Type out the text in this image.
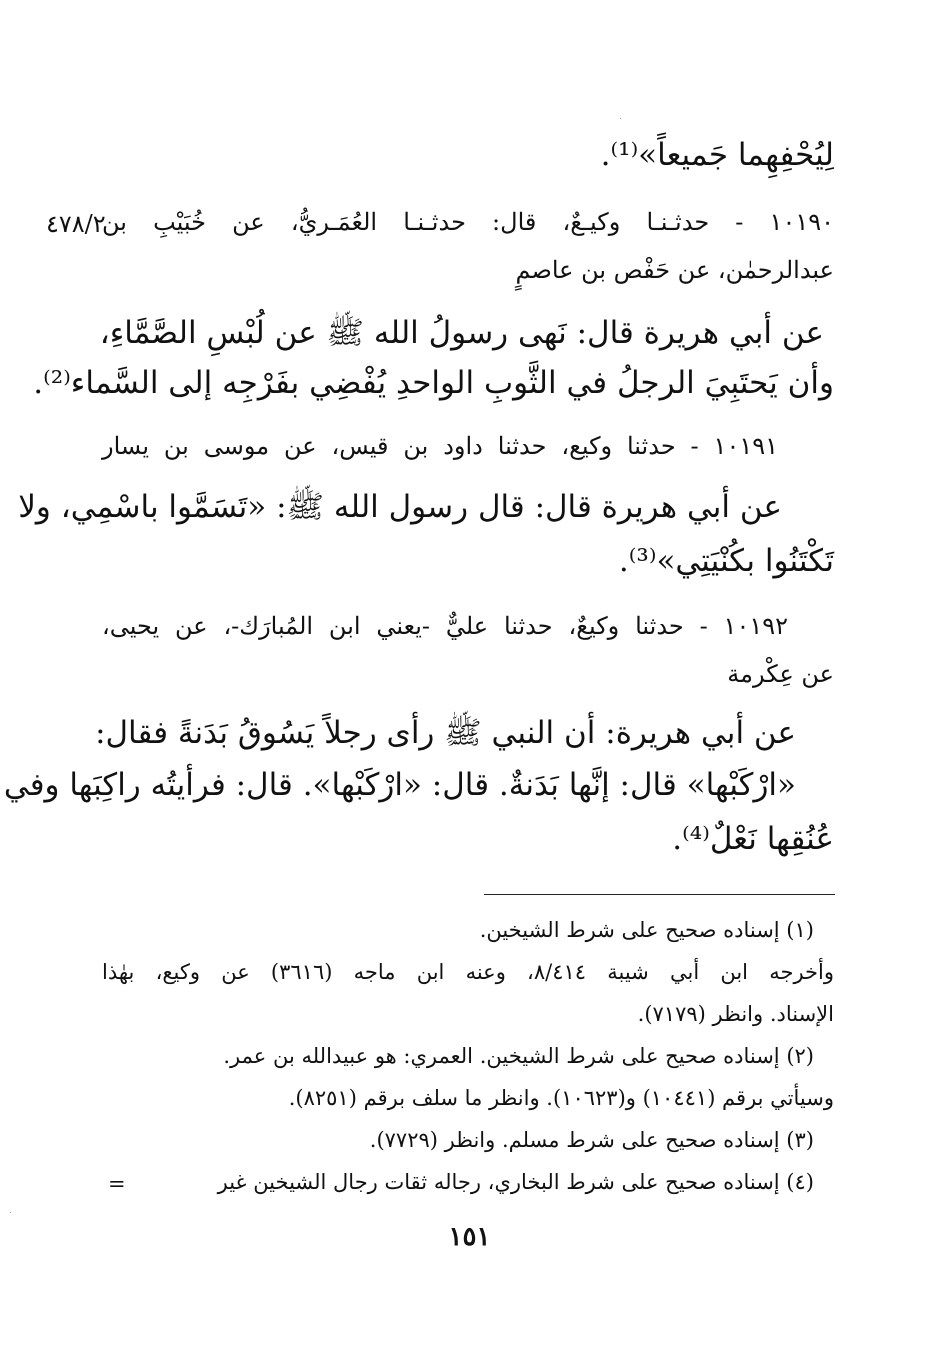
لِيُحْفِهِما جَميعاً»⁽¹⁾.
٤٧٨/٢
١٠١٩٠ - حدثـنـا وكيـعٌ، قال: حدثـنـا العُمَـريُّ، عن خُبَيْبِ بن
عبدالرحمٰن، عن حَفْص بن عاصمٍ
عن أبي هريرة قال: نَهى رسولُ الله ﷺ عن لُبْسِ الصَّمَّاءِ،
وأن يَحتَبِيَ الرجلُ في الثَّوبِ الواحدِ يُفْضِي بفَرْجِه إلى السَّماء⁽²⁾.
١٠١٩١ - حدثنا وكيع، حدثنا داود بن قيس، عن موسى بن يسار
عن أبي هريرة قال: قال رسول الله ﷺ: «تَسَمَّوا باسْمِي، ولا
تَكْتَنُوا بكُنْيَتِي»⁽³⁾.
١٠١٩٢ - حدثنا وكيعٌ، حدثنا عليٌّ -يعني ابن المُبارَك-، عن يحيى،
عن عِكْرمة
عن أبي هريرة: أن النبي ﷺ رأى رجلاً يَسُوقُ بَدَنةً فقال:
«ارْكَبْها» قال: إنَّها بَدَنةٌ. قال: «ارْكَبْها». قال: فرأيتُه راكِبَها وفي
عُنُقِها نَعْلٌ⁽⁴⁾.
(١) إسناده صحيح على شرط الشيخين.
وأخرجه ابن أبي شيبة ٨/٤١٤، وعنه ابن ماجه (٣٦١٦) عن وكيع، بهٰذا
الإسناد. وانظر (٧١٧٩).
(٢) إسناده صحيح على شرط الشيخين. العمري: هو عبيدالله بن عمر.
وسيأتي برقم (١٠٤٤١) و(١٠٦٢٣). وانظر ما سلف برقم (٨٢٥١).
(٣) إسناده صحيح على شرط مسلم. وانظر (٧٧٢٩).
(٤) إسناده صحيح على شرط البخاري، رجاله ثقات رجال الشيخين غير
=
١٥١
